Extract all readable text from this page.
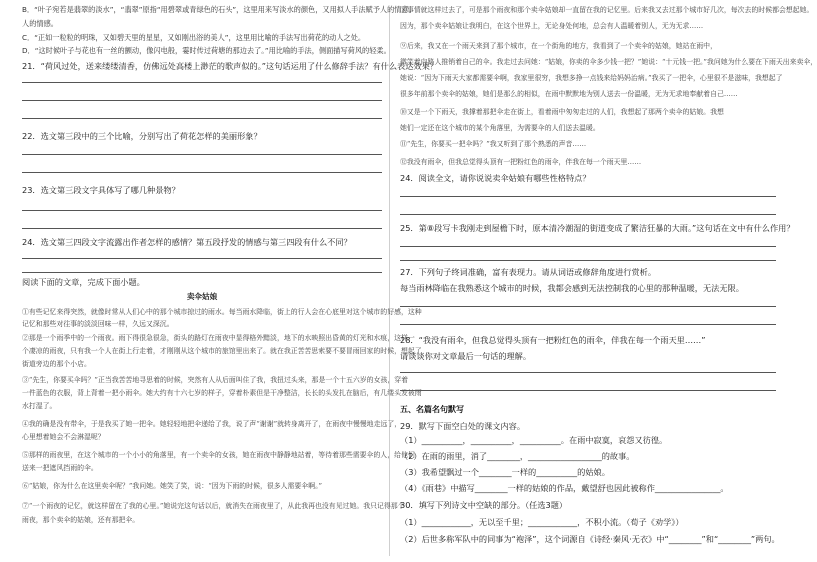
B．“叶子宛若是翡翠的淡水”，“翡翠”原指“用碧翠或青绿色的石头”，这里用来写淡水的颜色，又用拟人手法赋予人的情意。
人的情感。
C．“正如一粒粒的明珠，又如碧天里的星星，又如刚出浴的美人”，这里用比喻的手法写出荷花的动人之处。
D．“这时候叶子与花也有一丝的颤动，像闪电般，霎时传过荷塘的那边去了。”用比喻的手法，侧面描写荷风的轻柔。
21．“荷风过处，送来缕缕清香，仿佛远处高楼上渺茫的歌声似的。”这句话运用了什么修辞手法？有什么表达效果？
22．选文第三段中的三个比喻，分别写出了荷花怎样的美丽形象？
23．选文第三段文字具体写了哪几种景物？
24．选文第三四段文字流露出作者怎样的感情？第五段抒发的情感与第三四段有什么不同？
阅读下面的文章，完成下面小题。
卖伞姑娘
①有些记忆来得突然，就像时常从人们心中的那个城市掠过的雨水。每当雨水降临，街上的行人会在心底里对这个城市的好感，这种
记忆和那些对往事的淡淡回味一样，久远又深沉。
②那是一个雨季中的一个雨夜。雨下得很急很急，街头的路灯在雨夜中显得格外黯淡，地下的水映照出昏黄的灯光和水痕，这样一
个凄凉的雨夜，只有我一个人在街上行走着，才刚刚从这个城市的旅馆里出来了。就在我正苦苦思索要不要冒雨回家的时候，想起了
街道旁边的那个小店。
③“先生，你要买伞吗？”正当我苦苦地寻思着的时候，突然有人从后面叫住了我，我扭过头来，那是一个十五六岁的女孩，穿着
一件蓝色的衣服，背上背着一把小雨伞。她大约有十六七岁的样子，穿着朴素但是干净整洁，长长的头发扎在脑后，有几缕头发被雨
水打湿了。
④我的确是没有带伞，于是我买了她一把伞。她轻轻地把伞递给了我，说了声“谢谢”就转身离开了，在雨夜中慢慢地走远了，
心里想着她会不会淋湿呢？
⑤那样的雨夜里，在这个城市的一个小小的角落里，有一个卖伞的女孩，她在雨夜中静静地站着，等待着那些需要伞的人，给他们
送来一把遮风挡雨的伞。
⑥“姑娘，你为什么在这里卖伞呢？”我问她。她笑了笑，说：“因为下雨的时候，很多人需要伞啊。”
⑦“一个雨夜的记忆，就这样留在了我的心里。”她说完这句话以后，就消失在雨夜里了，从此我再也没有见过她。我只记得那个
雨夜，那个卖伞的姑娘，还有那把伞。
⑧事情就这样过去了，可是那个雨夜和那个卖伞姑娘却一直留在我的记忆里。后来我又去过那个城市好几次，每次去的时候都会想起她。
因为，那个卖伞姑娘让我明白，在这个世界上，无论身处何地，总会有人温暖着别人，无为无求……
⑨后来，我又在一个雨天来到了那个城市，在一个街角的地方，我看到了一个卖伞的姑娘，她站在雨中，
微笑着向路人推销着自己的伞。我走过去问她：“姑娘，你卖的伞多少钱一把？”她说：“十元钱一把。”我问她为什么要在下雨天出来卖伞，
她说：“因为下雨天大家都需要伞啊，我家里很穷，我想多挣一点钱来给妈妈治病。”我买了一把伞，心里很不是滋味，我想起了
很多年前那个卖伞的姑娘，她们是那么的相似，在雨中默默地为别人送去一份温暖，无为无求地奉献着自己……
⑩又是一个下雨天，我撑着那把伞走在街上，看着雨中匆匆走过的人们，我想起了那两个卖伞的姑娘。我想
她们一定还在这个城市的某个角落里，为需要伞的人们送去温暖。
⑪“先生，你要买一把伞吗？”我又听到了那个熟悉的声音……
⑫我没有雨伞，但我总觉得头顶有一把粉红色的雨伞，伴我在每一个雨天里……
24．阅读全文，请你说说卖伞姑娘有哪些性格特点？
25．第⑧段写卡我刚走到屋檐下时，原本清冷潮湿的街道变成了繁洁狂暴的大雨。”这句话在文中有什么作用？
27．下列句子终词准确，富有表现力。请从词语或修辞角度进行赏析。
每当雨林降临在我熟悉这个城市的时候，我都会感到无法控制我的心里的那种温暖，无法无限。
28．“我没有雨伞，但我总觉得头顶有一把粉红色的雨伞，伴我在每一个雨天里……”
请谈谈你对文章最后一句话的理解。
五、名篇名句默写
29．默写下面空白处的课文内容。
（1）__________，__________，__________。在雨中寂寞，哀怨又彷徨。
（2）在雨的雨里，消了________，__________________的故事。
（3）我希望飘过一个________一样的__________的姑娘。
（4）《雨巷》中描写________一样的姑娘的作品，戴望舒也因此被称作________________。
30．填写下列诗文中空缺的部分。（任选3题）
（1）____________，无以至千里；____________，不积小流。（荀子《劝学》）
（2）后世多称军队中的同事为“袍泽”，这个词源自《诗经·秦风·无衣》中“________”和“________”两句。
